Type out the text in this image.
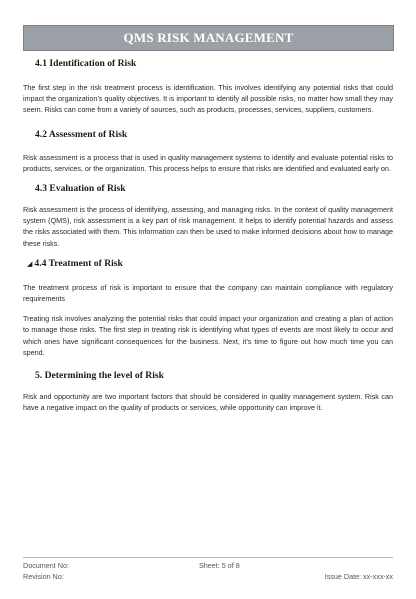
QMS RISK MANAGEMENT
4.1 Identification of Risk

The first step in the risk treatment process is identification. This involves identifying any potential risks that could impact the organization’s quality objectives. It is important to identify all possible risks, no matter how small they may seem. Risks can come from a variety of sources, such as products, processes, services, suppliers, customers.

4.2 Assessment of Risk

Risk assessment is a process that is used in quality management systems to identify and evaluate potential risks to products, services, or the organization. This process helps to ensure that risks are identified and evaluated early on.

4.3 Evaluation of Risk

Risk assessment is the process of identifying, assessing, and managing risks. In the context of quality management system (QMS), risk assessment is a key part of risk management. It helps to identify potential hazards and assess the risks associated with them. This information can then be used to make informed decisions about how to manage these risks.

◢ 4.4 Treatment of Risk

The treatment process of risk is important to ensure that the company can maintain compliance with regulatory requirements

Treating risk involves analyzing the potential risks that could impact your organization and creating a plan of action to manage those risks. The first step in treating risk is identifying what types of events are most likely to occur and which ones have significant consequences for the business. Next, it’s time to figure out how much time you can spend.

5. Determining the level of Risk

Risk and opportunity are two important factors that should be considered in quality management system. Risk can have a negative impact on the quality of products or services, while opportunity can improve it.

Document No:	Sheet: 5 of 8
Revision No:	Issue Date: xx-xxx-xx
